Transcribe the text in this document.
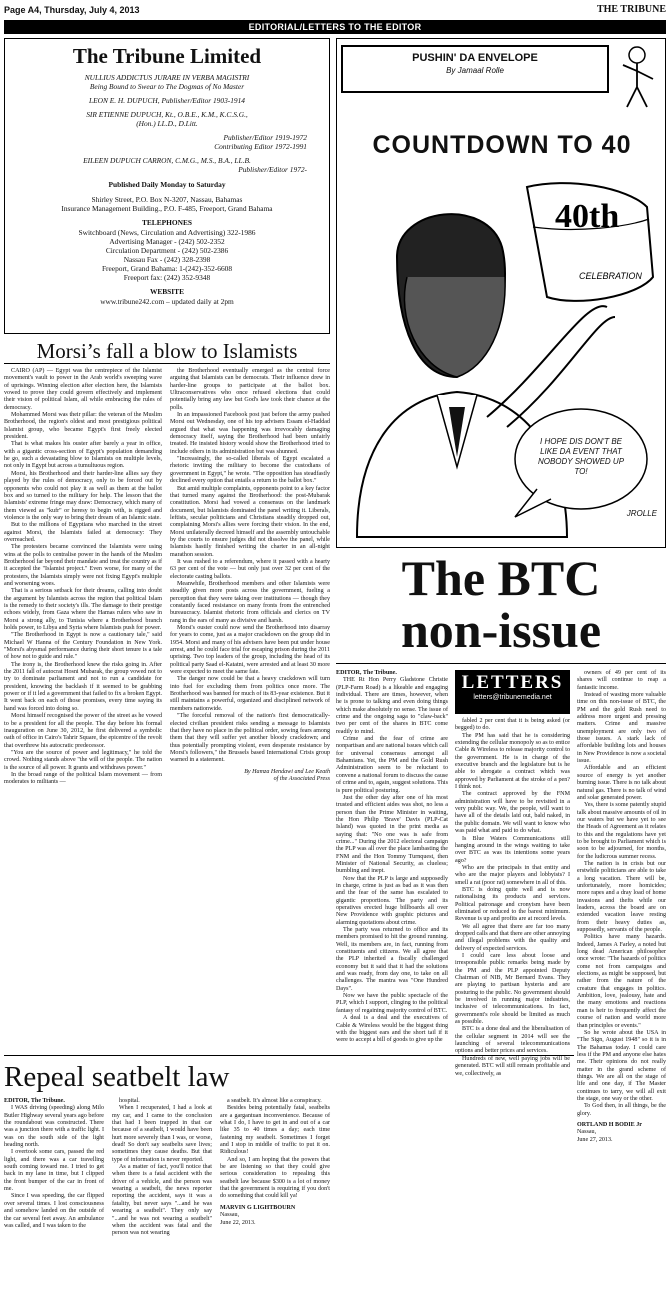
Page A4, Thursday, July 4, 2013	THE TRIBUNE
EDITORIAL/LETTERS TO THE EDITOR
The Tribune Limited

NULLIUS ADDICTUS JURARE IN VERBA MAGISTRI

Being Bound to Swear to The Dogmas of No Master

LEON E. H. DUPUCH, Publisher/Editor 1903-1914

SIR ETIENNE DUPUCH, Kt., O.B.E., K.M., K.C.S.G.,

(Hon.) LL.D., D.Litt.

Publisher/Editor 1919-1972

Contributing Editor 1972-1991

EILEEN DUPUCH CARRON, C.M.G., M.S., B.A., LL.B.

Publisher/Editor 1972-

Published Daily Monday to Saturday

Shirley Street, P.O. Box N-3207, Nassau, Bahamas

Insurance Management Building., P.O. F-485, Freeport, Grand Bahama

TELEPHONES

Switchboard (News, Circulation and Advertising) 322-1986

Advertising Manager - (242) 502-2352

Circulation Department - (242) 502-2386

Nassau Fax - (242) 328-2398

Freeport, Grand Bahama: 1-(242)-352-6608

Freeport fax: (242) 352-9348

WEBSITE

www.tribune242.com – updated daily at 2pm

Morsi’s fall a blow to Islamists

CAIRO (AP) — Egypt was the centrepiece of the Islamist movement's vault to power in the Arab world's sweeping wave of uprisings. Winning election after election here, the Islamists vowed to prove they could govern effectively and implement their vision of political Islam, all while embracing the rules of democracy.

Mohammed Morsi was their pillar: the veteran of the Muslim Brotherhood, the region's oldest and most prestigious political Islamist group, who became Egypt's first freely elected president.

That is what makes his ouster after barely a year in office, with a gigantic cross-section of Egypt's population demanding he go, such a devastating blow to Islamists on multiple levels, not only in Egypt but across a tumultuous region.

Morsi, his Brotherhood and their harder-line allies say they played by the rules of democracy, only to be forced out by opponents who could not play it as well as them at the ballot box and so turned to the military for help. The lesson that the Islamists' extreme fringe may draw: Democracy, which many of them viewed as "kufr" or heresy to begin with, is rigged and violence is the only way to bring their dream of an Islamic state.

But to the millions of Egyptians who marched in the street against Morsi, the Islamists failed at democracy: They overreached.

The protesters became convinced the Islamists were using wins at the polls to centralise power in the hands of the Muslim Brotherhood far beyond their mandate and treat the country as if it accepted the "Islamist project." Even worse, for many of the protesters, the Islamists simply were not fixing Egypt's multiple and worsening woes.

That is a serious setback for their dreams, calling into doubt the argument by Islamists across the region that political Islam is the remedy to their society's ills. The damage to their prestige echoes widely, from Gaza where the Hamas rulers who saw in Morsi a strong ally, to Tunisia where a Brotherhood branch holds power, to Libya and Syria where Islamists push for power.

"The Brotherhood in Egypt is now a cautionary tale," said Michael W Hanna of the Century Foundation in New York. "Morsi's abysmal performance during their short tenure is a tale of how not to guide and rule."

The irony is, the Brotherhood knew the risks going in. After the 2011 fall of autocrat Hosni Mubarak, the group vowed not to try to dominate parliament and not to run a candidate for president, knowing the backlash if it seemed to be grabbing power or if it led a government that failed to fix a broken Egypt. It went back on each of those promises, every time saying its hand was forced into doing so.

Morsi himself recognised the power of the street as he vowed to be a president for all the people. The day before his formal inauguration on June 30, 2012, he first delivered a symbolic oath of office in Cairo's Tahrir Square, the epicentre of the revolt that overthrew his autocratic predecessor.

"You are the source of power and legitimacy," he told the crowd. Nothing stands above "the will of the people. The nation is the source of all power. It grants and withdraws power."

In the broad range of the political Islam movement — from moderates to militants —

the Brotherhood eventually emerged as the central force arguing that Islamists can be democrats. Their influence drew in harder-line groups to participate at the ballot box. Ultraconservatives who once refused elections that could potentially bring any law but God's law took their chance at the polls.

In an impassioned Facebook post just before the army pushed Morsi out Wednesday, one of his top advisers Essam el-Haddad argued that what was happening was irrevocably damaging democracy itself, saying the Brotherhood had been unfairly treated. He insisted history would show the Brotherhood tried to include others in its administration but was shunned.

"Increasingly, the so-called liberals of Egypt escalated a rhetoric inviting the military to become the custodians of government in Egypt," he wrote. "The opposition has steadfastly declined every option that entails a return to the ballot box."

But amid multiple complaints, opponents point to a key factor that turned many against the Brotherhood: the post-Mubarak constitution. Morsi had vowed a consensus on the landmark document, but Islamists dominated the panel writing it. Liberals, leftists, secular politicians and Christians steadily dropped out, complaining Morsi's allies were forcing their vision. In the end, Morsi unilaterally decreed himself and the assembly untouchable by the courts to ensure judges did not dissolve the panel, while Islamists hastily finished writing the charter in an all-night marathon session.

It was rushed to a referendum, where it passed with a hearty 63 per cent of the vote — but only just over 32 per cent of the electorate casting ballots.

Meanwhile, Brotherhood members and other Islamists were steadily given more posts across the government, fueling a perception that they were taking over institutions — though they constantly faced resistance on many fronts from the entrenched bureaucracy. Islamist rhetoric from officials and clerics on TV rang in the ears of many as divisive and harsh.

Morsi's ouster could now send the Brotherhood into disarray for years to come, just as a major crackdown on the group did in 1954. Morsi and many of his advisers have been put under house arrest, and he could face trial for escaping prison during the 2011 uprising. Two top leaders of the group, including the head of its political party Saad el-Katatni, were arrested and at least 30 more were expected to meet the same fate.

The danger now could be that a heavy crackdown will turn into fuel for excluding them from politics once more. The Brotherhood was banned for much of its 83-year existence. But it still maintains a powerful, organized and disciplined network of members nationwide.

"The forceful removal of the nation's first democratically-elected civilian president risks sending a message to Islamists that they have no place in the political order, sowing fears among them that they will suffer yet another bloody crackdown; and thus potentially prompting violent, even desperate resistance by Morsi's followers," the Brussels based International Crisis group warned in a statement.

By Hamza Hendawi and Lee Keath
of the Associated Press
PUSHIN' DA ENVELOPE
By Jamaal Rolle
COUNTDOWN TO 40
40th
CELEBRATION
I HOPE DIS DON'T BE LIKE DA EVENT THAT NOBODY SHOWED UP TO!
JROLLE
The BTC
non-issue

EDITOR, The Tribune.

THE Rt Hon Perry Gladstone Christie (PLP-Farm Road) is a likeable and engaging individual. There are times, however, when he is prone to talking and even doing things which make absolutely no sense. The issue of crime and the ongoing saga to "claw-back" two per cent of the shares in BTC come readily to mind.

Crime and the fear of crime are nonpartisan and are national issues which call for universal consensus amongst all Bahamians. Yet, the PM and the Gold Rush Administration seem to be reluctant to convene a national forum to discuss the cause of crime and to, again, suggest solutions. This is pure political posturing.

Just the other day after one of his most trusted and efficient aides was shot, no less a person than the Prime Minister in waiting, the Hon Philip 'Brave' Davis (PLP-Cat Island) was quoted in the print media as saying that: "No one was is safe from crime..." During the 2012 electoral campaign the PLP was all over the place lambasting the FNM and the Hon Tommy Turnquest, then Minister of National Security, as clueless; bumbling and inept.

Now that the PLP is large and supposedly in charge, crime is just as bad as it was then and the fear of the same has escalated to gigantic proportions. The party and its operatives erected huge billboards all over New Providence with graphic pictures and alarming quotations about crime.

The party was returned to office and its members promised to hit the ground running. Well, its members are, in fact, running from constituents and citizens. We all agree that the PLP inherited a fiscally challenged economy but it said that it had the solutions and was ready, from day one, to take on all challenges. The mantra was "One Hundred Days".

Now we have the public spectacle of the PLP, which I support, clinging to the political fantasy of regaining majority control of BTC.

A deal is a deal and the executives of Cable & Wireless would be the biggest thing with the biggest ears and the short tail if it were to accept a bill of goods to give up the

LETTERS
letters@tribunemedia.net

fabled 2 per cent that it is being asked (or begged) to do.

The PM has said that he is considering extending the cellular monopoly so as to entice Cable & Wireless to release majority control to the government. He is in charge of the executive branch and the legislature but is he able to abrogate a contract which was approved by Parliament at the stroke of a pen? I think not.

The contract approved by the FNM administration will have to be revisited in a very public way. We, the people, will want to have all of the details laid out, bald naked, in the public domain. We will want to know who was paid what and paid to do what.

Is Blue Waters Communications still hanging around in the wings waiting to take over BTC as was its intentions some years ago?

Who are the principals in that entity and who are the major players and lobbyists? I smell a rat (poor rat) somewhere in all of this.

BTC is doing quite well and is now rationalising its products and services. Political patronage and cronyism have been eliminated or reduced to the barest minimum. Revenue is up and profits are at record levels.

We all agree that there are far too many dropped calls and that there are other annoying and illegal problems with the quality and delivery of expected services.

I could care less about loose and irresponsible public remarks being made by the PM and the PLP appointed Deputy Chairman of NIB, Mr Bernard Evans. They are playing to partisan hysteria and are posturing to the public. No government should be involved in running major industries, inclusive of telecommunications. In fact, government's role should be limited as much as possible.

BTC is a done deal and the liberalisation of the cellular segment in 2014 will see the launching of several telecommunications options and better prices and services.

Hundreds of new, well paying jobs will be generated. BTC will still remain profitable and we, collectively, as

owners of 49 per cent of its shares will continue to reap a fantastic income.

Instead of wasting more valuable time on this non-issue of BTC, the PM and the gold Rush need to address more urgent and pressing matters. Crime and massive unemployment are only two of those issues. A stark lack of affordable building lots and houses in New Providence is now a societal issue.

Affordable and an efficient source of energy is yet another burning issue. There is no talk about natural gas. There is no talk of wind and solar generated power.

Yes, there is some patently stupid talk about massive amounts of oil in our waters but we have yet to see the Heads of Agreement as it relates to this and the regulations have yet to be brought to Parliament which is soon to be adjourned, for months, for the ludicrous summer recess.

The nation is in crisis but our erstwhile politicians are able to take a long vacation. There will be, unfortunately, more homicides; more rapes and a dray load of home invasions and thefts while our leaders, across the board are on extended vacation leave resting from their heavy duties as, supposedly, servants of the people.

Politics have many hazards. Indeed, James A Farley, a noted but long dead American philosopher once wrote: "The hazards of politics come not from campaigns and elections, as might be supposed, but rather from the nature of the creature that engages in politics. Ambition, love, jealousy, hate and the many emotions and reactions man is heir to frequently affect the course of nation and world more than principles or events."

So he wrote about the USA in "The Sign, August 1948" so it is in The Bahamas today. I could care less if the PM and anyone else hates me. Their opinions do not really matter in the grand scheme of things. We are all on the stage of life and one day, if The Master continues to tarry, we will all exit the stage, one way or the other.

To God then, in all things, be the glory.

ORTLAND H BODIE Jr

Nassau,

June 27, 2013.

Repeal seatbelt law

EDITOR, The Tribune.

I WAS driving (speeding) along Milo Butler Highway several years ago before the roundabout was constructed. There was a junction there with a traffic light. I was on the south side of the light heading north.

I overtook some cars, passed the red light, and there was a car travelling south coming toward me. I tried to get back in my lane in time, but I clipped the front bumper of the car in front of me.

Since I was speeding, the car flipped over several times. I lost consciousness and somehow landed on the outside of the car several feet away. An ambulance was called, and I was taken to the

hospital.

When I recuperated, I had a look at my car, and I came to the conclusion that had I been trapped in that car because of a seatbelt, I would have been hurt more severely than I was, or worse, dead! So don't say seatbelts save lives; sometimes they cause deaths. But that type of information is never reported.

As a matter of fact, you'll notice that when there is a fatal accident with the driver of a vehicle, and the person was wearing a seatbelt, the news reporter reporting the accident, says it was a fatality, but never says "...and he was wearing a seatbelt". They only say "...and he was not wearing a seatbelt" when the accident was fatal and the person was not wearing

a seatbelt. It's almost like a conspiracy.

Besides being potentially fatal, seatbelts are a gargantuan inconvenience. Because of what I do, I have to get in and out of a car like 35 to 40 times a day; each time fastening my seatbelt. Sometimes I forget and I stop in middle of traffic to put it on. Ridiculous!

And so, I am hoping that the powers that be are listening so that they could give serious consideration to repealing this seatbelt law because $300 is a lot of money that the government is requiring if you don't do something that could kill ya!

MARVIN G LIGHTBOURN

Nassau,

June 22, 2013.
